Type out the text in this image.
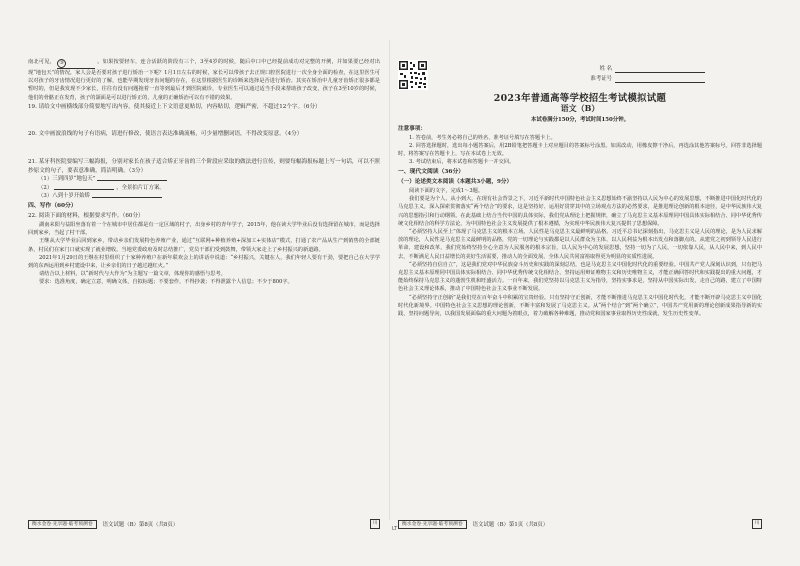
南北可见， ③	。如果按要轻车，连合活跃的阶段有三个，3至4岁的时候，随后中口中已经提前成功对完整的开例，并如果要已经对出现“地包天”的情况，家人会是否要对孩子进行矫治一下呢？1月1日左右的时候，家长可以带孩子去正规口腔医院进行一次全身全面的检查，在这里医生可以对孩子的牙齿情况进行更好的了解，也能早期发现牙齿问题的存在，在这里根据医生的诊断来选择是否进行矫治。其实在矫治中儿童牙齿矫正很多都是暂时的，但是我发现不少家长，往往有没有问题拖着一直等到最后才到医院就诊，专业医生可以通过适当手段来帮助孩子改变，孩子在3至10岁的时候，他们的骨骼正在发育，孩子的颌面是可以进行矫正的，儿童的正确矫治可以有不错的效果。

19. 请给文中画横线部分简要地写出内容，使其接近上下文语意更贴切，内容贴切，逻辑严密，不超过12个字。（6分）

20. 文中画波浪线的句子有语病，请进行修改，使语言表达准确流畅，可少量增删词语，不得改变原意。（4分）

21. 某牙科医院要编写三幅海报，分别对家长在孩子适合矫正牙齿的三个阶段应采取的做法进行宣传，则要每幅海报标题上写一句话，可以不照抄原文的句子，要表意准确，简洁明确。（3分）

（1）三到四岁“地包天”

（2）	，全景拍片订方案。

（3）八到十岁开始矫

四、写作（60分）

22. 阅读下面的材料，根据要求写作。（60分）

湖南耒阳与益阳坐落有着一个在城市中居住都是有一定区域的村子，出身乡村的青年学子，2015年，他在读大学毕业后没有选择留在城市，而是选择回到家乡，当起了村干部。

王继从大学毕业后回到家乡，带动乡亲们发展特色养殖产业，通过“互联网+种植养殖+深加工+实体店”模式，打通了农产品从生产到销售的全部链条，村民们在家门口就实现了就业增收。当地党委政府及时总结推广，党员干部们受到鼓舞，带领大家走上了乡村振兴的新道路。

2021年1月29日的王继在村里组织了十家种养殖户在新年联欢会上的讲话中说道：“乡村振兴，关键在人，我们年轻人要有干劲，要把自己在大学学到的东西运用到乡村建设中来，让乡亲们的日子越过越红火。”

请结合以上材料，以“新时代与大作为”为主题写一篇文章，体现你的感悟与思考。

要求：选准角度，确定立意，明确文体，自拟标题；不要套作，不得抄袭；不得泄露个人信息；不少于800字。

衡水金卷·先享题·临考预测卷	语文试题（B）第8页（共8页）	川
LT
姓 名
准考证号
2023年普通高等学校招生考试模拟试题
语文（B）

本试卷满分150分，考试时间150分钟。

注意事项：

1. 答卷前，考生务必将自己的姓名、准考证号填写在答题卡上。

2. 回答选择题时，选出每小题答案后，用2B铅笔把答题卡上对应题目的答案标号涂黑。如需改动，用橡皮擦干净后，再选涂其他答案标号。回答非选择题时，将答案写在答题卡上，写在本试卷上无效。

3. 考试结束后，将本试卷和答题卡一并交回。

一、现代文阅读（36分）

（一）论述类文本阅读（本题共3小题，9分）

阅读下面的文字，完成1～3题。

我们要是为个人、从小到大，在现有社会背景之下，习近平新时代中国特色社会主义思想始终不渝坚持以人民为中心的发展思想，不断推进中国化时代化的马克思主义，深入探索贯彻落实“两个结合”的要求，这是坚持好、运用好贯穿其中的立场观点方法的必然要求，是推进理论创新的根本途径，是中华民族伟大复兴的思想指引和行动纲领。在此基础上结合当代中国的具体实际，我们党从理论上把握规律，确立了马克思主义基本原理同中国具体实际相结合、同中华优秀传统文化相结合的科学方法论，为中国特色社会主义发展提供了根本遵循，为实现中华民族伟大复兴提供了思想保障。

“必须坚持人民至上”体现了马克思主义的根本立场。人民性是马克思主义最鲜明的品格。习近平总书记深刻指出，马克思主义是人民的理论，是为人民求解放的理论，人民性是马克思主义最鲜明的品格，党的一切理论与实践都是以人民群众为主体、以人民利益为根本出发点和落脚点的。从建党之初到领导人民进行革命、建设和改革，我们党始终坚持全心全意为人民服务的根本宗旨，以人民为中心的发展思想，坚持一切为了人民，一切依靠人民，从人民中来，到人民中去，不断满足人民日益增长的美好生活需要，推动人的全面发展、全体人民共同富裕取得更为明显的实质性进展。

“必须坚持自信自立”，这是我们党对中华民族奋斗历史和实践的深刻总结，也是马克思主义中国化时代化的重要经验。中国共产党人深刻认识到，只有把马克思主义基本原理同中国具体实际相结合、同中华优秀传统文化相结合，坚持运用辩证唯物主义和历史唯物主义，才能正确回答时代和实践提出的重大问题，才能始终保持马克思主义的蓬勃生机和旺盛活力。一百年来，我们党坚持以马克思主义为指导，坚持实事求是，坚持从中国实际出发，走自己的路，建立了中国特色社会主义理论体系，推动了中国特色社会主义事业不断发展。

“必须坚持守正创新”是我们党在百年奋斗中积累的宝贵经验。只有坚持守正创新，才能不断推进马克思主义中国化时代化，才能不断开辟马克思主义中国化时代化新境界。中国特色社会主义思想的理论创新，不断丰富和发展了马克思主义。从“两个结合”到“两个确立”，中国共产党用新的理论创新成果指导新的实践，坚持问题导向，以我国发展面临的重大问题为着眼点，着力破解各种难题，推动党和国家事业取得历史性成就，发生历史性变革。

衡水金卷·先享题·临考预测卷	语文试题（B）第1页（共8页）	川
